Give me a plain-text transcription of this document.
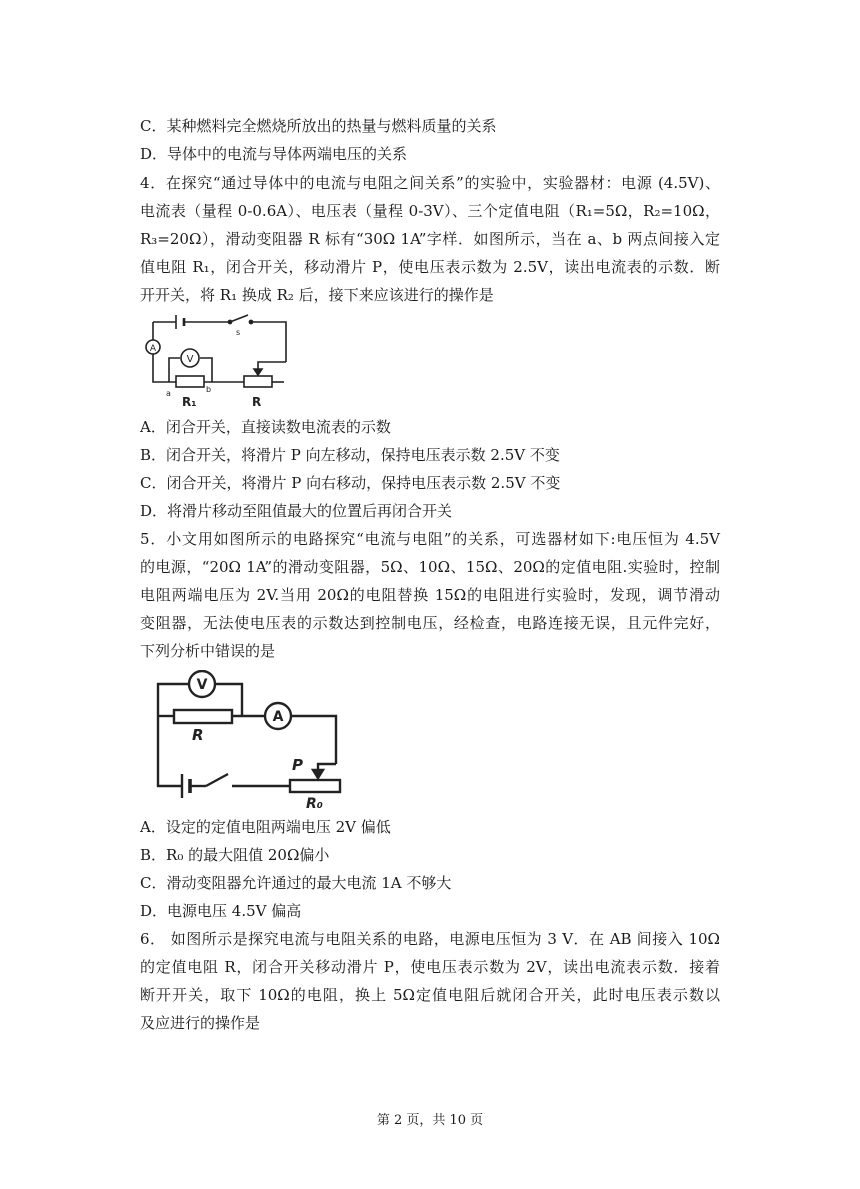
C．某种燃料完全燃烧所放出的热量与燃料质量的关系
D．导体中的电流与导体两端电压的关系
4．在探究“通过导体中的电流与电阻之间关系”的实验中，实验器材：电源 (4.5V)、
电流表（量程 0-0.6A）、电压表（量程 0-3V）、三个定值电阻（R₁=5Ω，R₂=10Ω，
R₃=20Ω），滑动变阻器 R 标有“30Ω 1A”字样．如图所示，当在 a、b 两点间接入定
值电阻 R₁，闭合开关，移动滑片 P，使电压表示数为 2.5V，读出电流表的示数．断
开开关，将 R₁ 换成 R₂ 后，接下来应该进行的操作是
A
V
s
a	b
R₁	R
A．闭合开关，直接读数电流表的示数
B．闭合开关，将滑片 P 向左移动，保持电压表示数 2.5V 不变
C．闭合开关，将滑片 P 向右移动，保持电压表示数 2.5V 不变
D．将滑片移动至阻值最大的位置后再闭合开关
5．小文用如图所示的电路探究“电流与电阻”的关系，可选器材如下:电压恒为 4.5V
的电源，“20Ω 1A”的滑动变阻器，5Ω、10Ω、15Ω、20Ω的定值电阻.实验时，控制
电阻两端电压为 2V.当用 20Ω的电阻替换 15Ω的电阻进行实验时，发现，调节滑动
变阻器，无法使电压表的示数达到控制电压，经检查，电路连接无误，且元件完好，
下列分析中错误的是
V
A
R
P
R₀
A．设定的定值电阻两端电压 2V 偏低
B．R₀ 的最大阻值 20Ω偏小
C．滑动变阻器允许通过的最大电流 1A 不够大
D．电源电压 4.5V 偏高
6． 如图所示是探究电流与电阻关系的电路，电源电压恒为 3 V．在 AB 间接入 10Ω
的定值电阻 R，闭合开关移动滑片 P，使电压表示数为 2V，读出电流表示数．接着
断开开关，取下 10Ω的电阻，换上 5Ω定值电阻后就闭合开关，此时电压表示数以
及应进行的操作是
第 2 页，共 10 页
